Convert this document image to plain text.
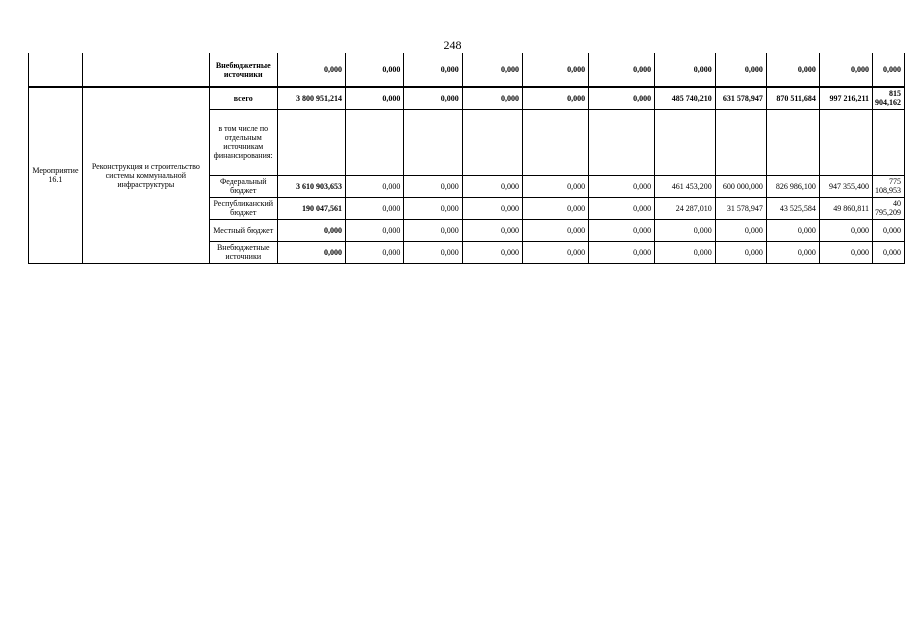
248
		Внебюджетные источники	0,000	0,000	0,000	0,000	0,000	0,000	0,000	0,000	0,000	0,000	0,000
Мероприятие 16.1	Реконструкция и строительство системы коммунальной инфраструктуры	всего	3 800 951,214	0,000	0,000	0,000	0,000	0,000	485 740,210	631 578,947	870 511,684	997 216,211	815 904,162
		в том числе по отдельным источникам финансирования:											
		Федеральный бюджет	3 610 903,653	0,000	0,000	0,000	0,000	0,000	461 453,200	600 000,000	826 986,100	947 355,400	775 108,953
		Республиканский бюджет	190 047,561	0,000	0,000	0,000	0,000	0,000	24 287,010	31 578,947	43 525,584	49 860,811	40 795,209
		Местный бюджет	0,000	0,000	0,000	0,000	0,000	0,000	0,000	0,000	0,000	0,000	0,000
		Внебюджетные источники	0,000	0,000	0,000	0,000	0,000	0,000	0,000	0,000	0,000	0,000	0,000
